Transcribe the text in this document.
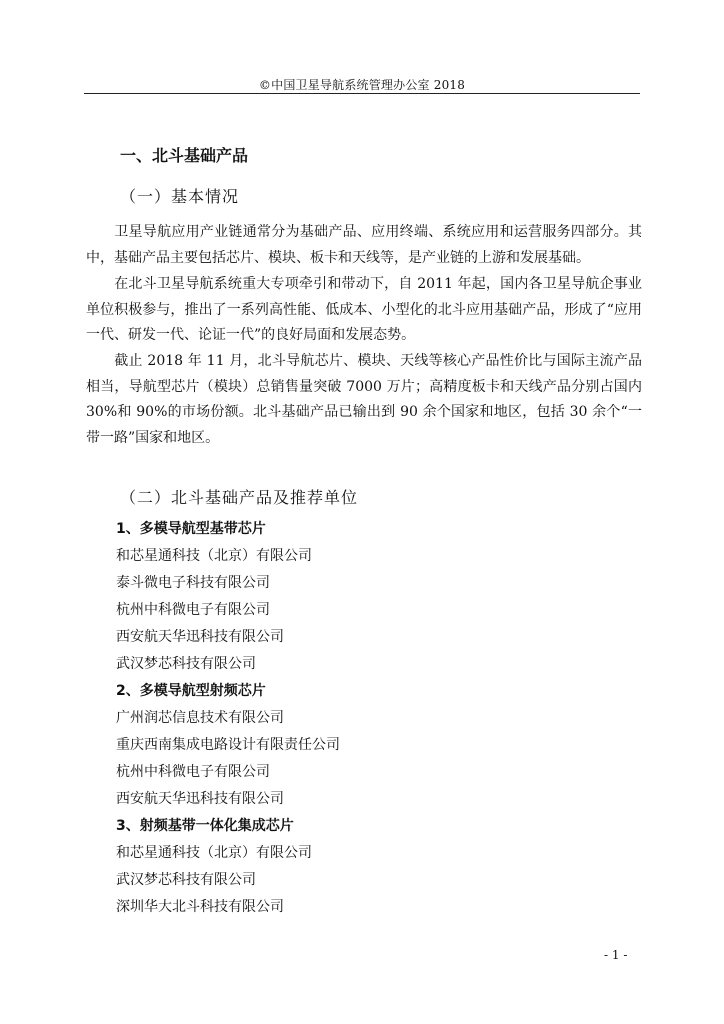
©中国卫星导航系统管理办公室 2018
一、北斗基础产品
（一）基本情况
卫星导航应用产业链通常分为基础产品、应用终端、系统应用和运营服务四部分。其中，基础产品主要包括芯片、模块、板卡和天线等，是产业链的上游和发展基础。
在北斗卫星导航系统重大专项牵引和带动下，自 2011 年起，国内各卫星导航企事业单位积极参与，推出了一系列高性能、低成本、小型化的北斗应用基础产品，形成了“应用一代、研发一代、论证一代”的良好局面和发展态势。
截止 2018 年 11 月，北斗导航芯片、模块、天线等核心产品性价比与国际主流产品相当，导航型芯片（模块）总销售量突破 7000 万片；高精度板卡和天线产品分别占国内 30%和 90%的市场份额。北斗基础产品已输出到 90 余个国家和地区，包括 30 余个“一带一路”国家和地区。
（二）北斗基础产品及推荐单位
1、多模导航型基带芯片
和芯星通科技（北京）有限公司
泰斗微电子科技有限公司
杭州中科微电子有限公司
西安航天华迅科技有限公司
武汉梦芯科技有限公司
2、多模导航型射频芯片
广州润芯信息技术有限公司
重庆西南集成电路设计有限责任公司
杭州中科微电子有限公司
西安航天华迅科技有限公司
3、射频基带一体化集成芯片
和芯星通科技（北京）有限公司
武汉梦芯科技有限公司
深圳华大北斗科技有限公司
- 1 -
